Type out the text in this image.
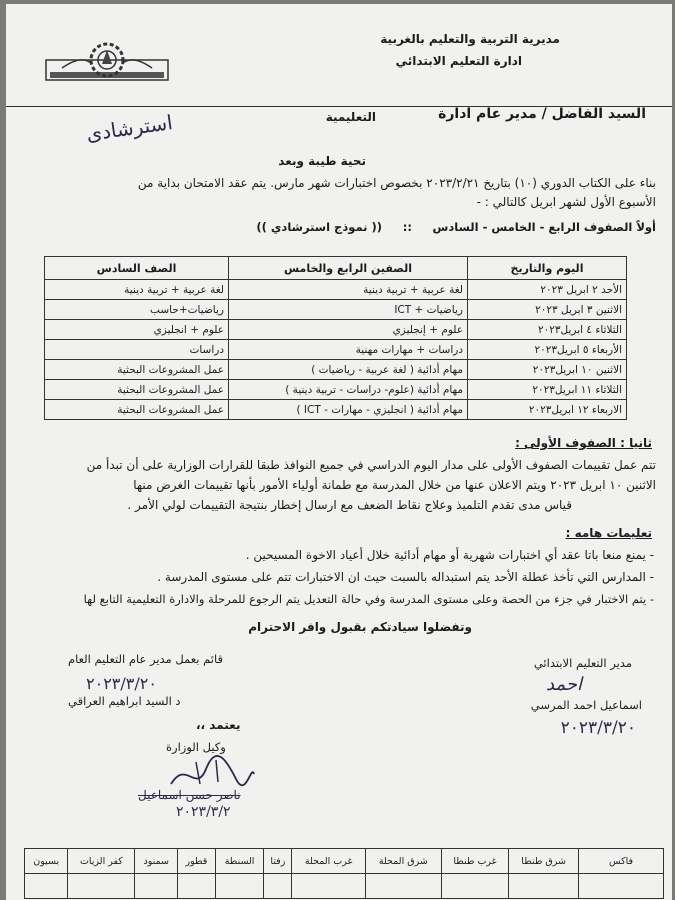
مديرية التربية والتعليم بالغربية
ادارة التعليم الابتدائي
السيد الفاضل / مدير عام ادارة
التعليمية
استرشادى
تحية طيبة وبعد
بناء على الكتاب الدوري (١٠) بتاريخ ٢٠٢٣/٢/٢١ بخصوص اختبارات شهر مارس. يتم عقد الامتحان بداية من
الأسبوع الأول لشهر ابريل كالتالي : -
أولاً الصفوف الرابع - الخامس - السادس
::
(( نموذج استرشادي ))
اليوم والتاريخ	الصفين الرابع والخامس	الصف السادس
الأحد ٢ ابريل ٢٠٢٣	لغة عربية + تربية دينية	لغة عربية + تربية دينية
الاثنين ٣ ابريل ٢٠٢٣	رياضيات + ICT	رياضيات+حاسب
الثلاثاء ٤ ابريل٢٠٢٣	علوم + إنجليزي	علوم + انجليزي
الأربعاء ٥ ابريل٢٠٢٣	دراسات + مهارات مهنية	دراسات
الاثنين ١٠ ابريل٢٠٢٣	مهام أدائية ( لغة عربية - رياضيات )	عمل المشروعات البحثية
الثلاثاء ١١ ابريل٢٠٢٣	مهام أدائية (علوم- دراسات - تربية دينية )	عمل المشروعات البحثية
الاربعاء ١٢ ابريل٢٠٢٣	مهام أدائية ( انجليزي - مهارات - ICT )	عمل المشروعات البحثية
ثانيا : الصفوف الأولى :
تتم عمل تقييمات الصفوف الأولى على مدار اليوم الدراسي في جميع النوافذ طبقا للقرارات الوزارية على أن تبدأ من
الاثنين ١٠ ابريل ٢٠٢٣ ويتم الاعلان عنها من خلال المدرسة مع طمانة أولياء الأمور بأنها تقييمات الغرض منها
قياس مدى تقدم التلميذ وعلاج نقاط الضعف مع ارسال إخطار بنتيجة التقييمات لولي الأمر .
تعليمات هامه :
- يمنع منعا باتا عقد أي اختبارات شهرية أو مهام أدائية خلال أعياد الاخوة المسيحين .
- المدارس التي تأخذ عطلة الأحد يتم استبداله بالسبت حيث ان الاختبارات تتم على مستوى المدرسة .
- يتم الاختبار في جزء من الحصة وعلى مستوى المدرسة وفي حالة التعديل يتم الرجوع للمرحلة والادارة التعليمية التابع لها
وتفضلوا سيادتكم بقبول وافر الاحترام
مدير التعليم الابتدائي
احمد
اسماعيل احمد المرسي
٢٠٢٣/٣/٢٠
قائم بعمل مدير عام التعليم العام
٢٠٢٣/٣/٢٠
د السيد ابراهيم العراقي
يعتمد ،،
وكيل الوزارة
ناصر حسن اسماعيل
٢٠٢٣/٣/٢
فاكس	شرق طنطا	غرب طنطا	شرق المحلة	غرب المحلة	زفتا	السنطة	قطور	سمنود	كفر الزيات	بسيون
